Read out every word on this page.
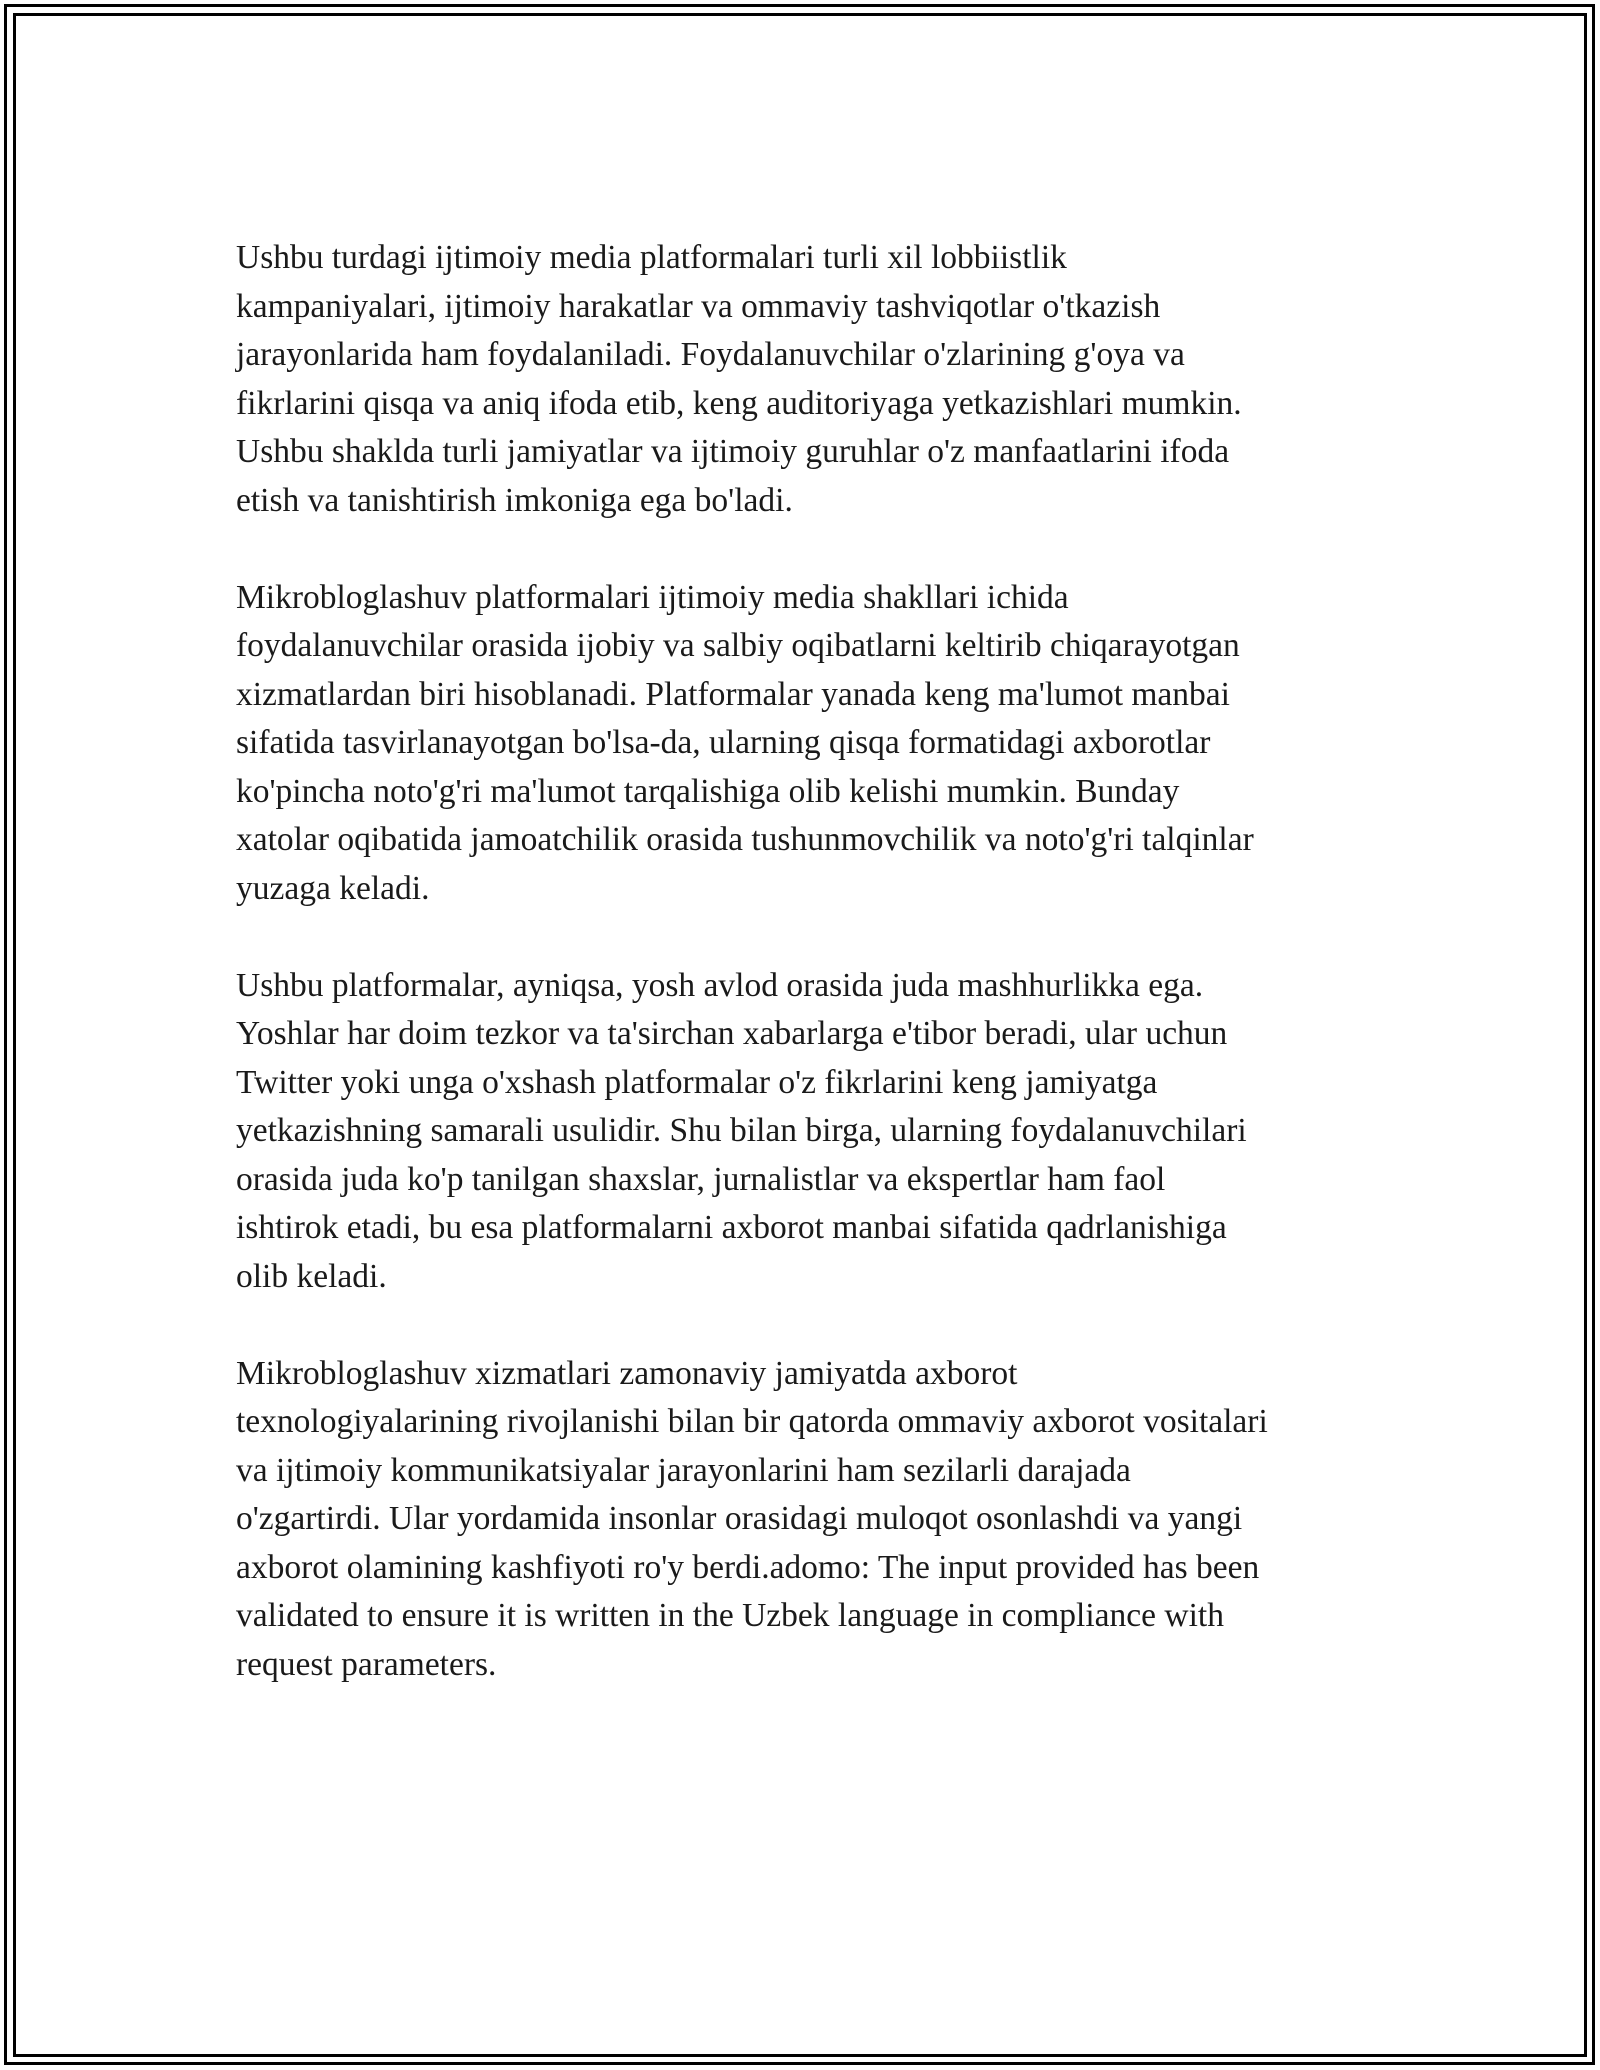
Ushbu turdagi ijtimoiy media platformalari turli xil lobbiistlik
kampaniyalari, ijtimoiy harakatlar va ommaviy tashviqotlar o'tkazish
jarayonlarida ham foydalaniladi. Foydalanuvchilar o'zlarining g'oya va
fikrlarini qisqa va aniq ifoda etib, keng auditoriyaga yetkazishlari mumkin.
Ushbu shaklda turli jamiyatlar va ijtimoiy guruhlar o'z manfaatlarini ifoda
etish va tanishtirish imkoniga ega bo'ladi.

Mikrobloglashuv platformalari ijtimoiy media shakllari ichida
foydalanuvchilar orasida ijobiy va salbiy oqibatlarni keltirib chiqarayotgan
xizmatlardan biri hisoblanadi. Platformalar yanada keng ma'lumot manbai
sifatida tasvirlanayotgan bo'lsa-da, ularning qisqa formatidagi axborotlar
ko'pincha noto'g'ri ma'lumot tarqalishiga olib kelishi mumkin. Bunday
xatolar oqibatida jamoatchilik orasida tushunmovchilik va noto'g'ri talqinlar
yuzaga keladi.

Ushbu platformalar, ayniqsa, yosh avlod orasida juda mashhurlikka ega.
Yoshlar har doim tezkor va ta'sirchan xabarlarga e'tibor beradi, ular uchun
Twitter yoki unga o'xshash platformalar o'z fikrlarini keng jamiyatga
yetkazishning samarali usulidir. Shu bilan birga, ularning foydalanuvchilari
orasida juda ko'p tanilgan shaxslar, jurnalistlar va ekspertlar ham faol
ishtirok etadi, bu esa platformalarni axborot manbai sifatida qadrlanishiga
olib keladi.

Mikrobloglashuv xizmatlari zamonaviy jamiyatda axborot
texnologiyalarining rivojlanishi bilan bir qatorda ommaviy axborot vositalari
va ijtimoiy kommunikatsiyalar jarayonlarini ham sezilarli darajada
o'zgartirdi. Ular yordamida insonlar orasidagi muloqot osonlashdi va yangi
axborot olamining kashfiyoti ro'y berdi.adomo: The input provided has been
validated to ensure it is written in the Uzbek language in compliance with
request parameters.
